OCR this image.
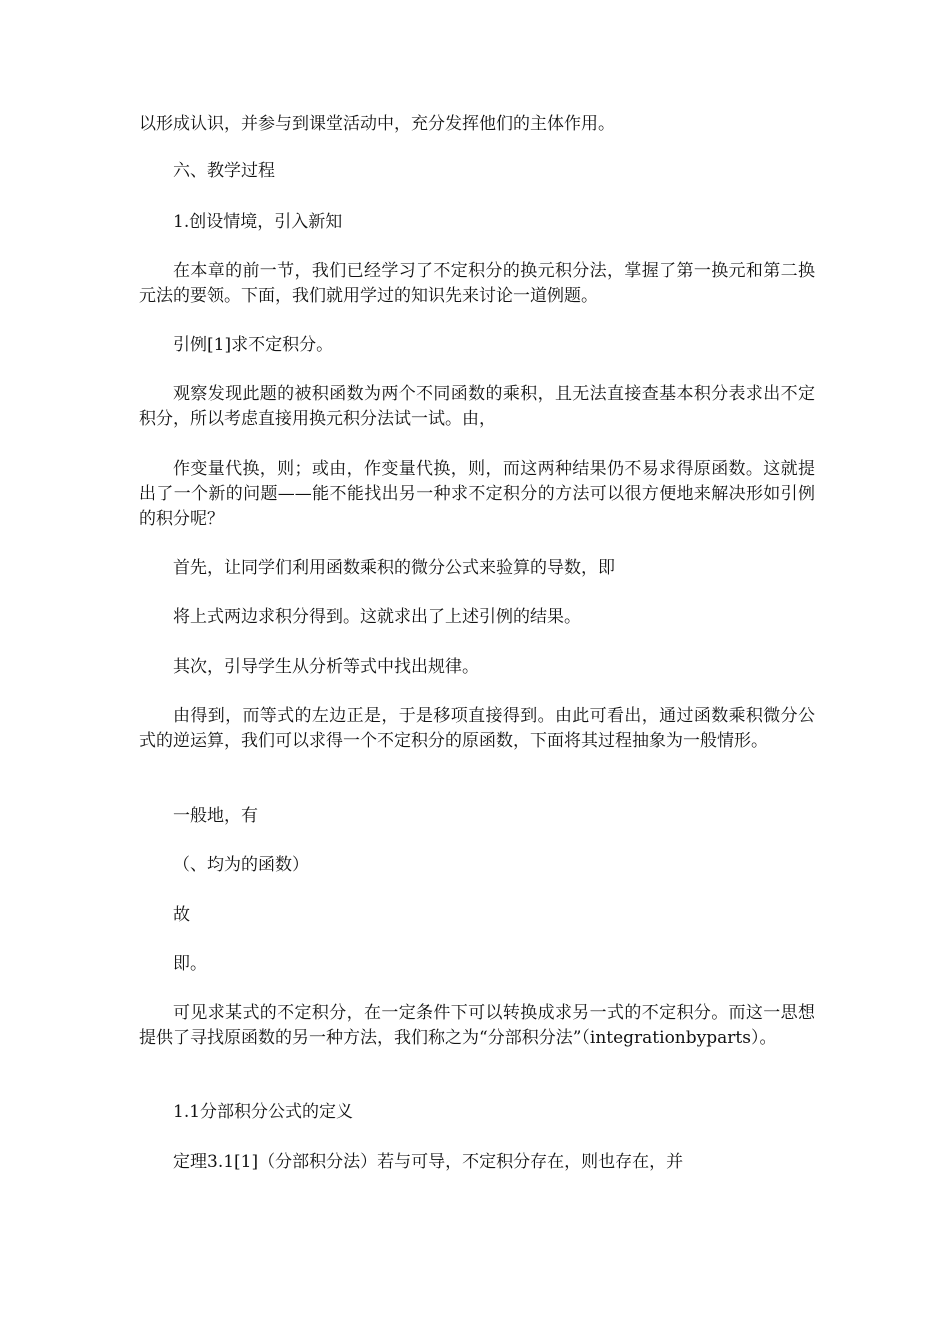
以形成认识，并参与到课堂活动中，充分发挥他们的主体作用。

六、教学过程

1.创设情境，引入新知

在本章的前一节，我们已经学习了不定积分的换元积分法，掌握了第一换元和第二换元法的要领。下面，我们就用学过的知识先来讨论一道例题。

引例[1]求不定积分。

观察发现此题的被积函数为两个不同函数的乘积，且无法直接查基本积分表求出不定积分，所以考虑直接用换元积分法试一试。由，

作变量代换，则；或由，作变量代换，则，而这两种结果仍不易求得原函数。这就提出了一个新的问题——能不能找出另一种求不定积分的方法可以很方便地来解决形如引例的积分呢？

首先，让同学们利用函数乘积的微分公式来验算的导数，即

将上式两边求积分得到。这就求出了上述引例的结果。

其次，引导学生从分析等式中找出规律。

由得到，而等式的左边正是，于是移项直接得到。由此可看出，通过函数乘积微分公式的逆运算，我们可以求得一个不定积分的原函数，下面将其过程抽象为一般情形。

一般地，有

（、均为的函数）

故

即。

可见求某式的不定积分，在一定条件下可以转换成求另一式的不定积分。而这一思想提供了寻找原函数的另一种方法，我们称之为“分部积分法”（integrationbyparts）。

1.1分部积分公式的定义

定理3.1[1]（分部积分法）若与可导，不定积分存在，则也存在，并
